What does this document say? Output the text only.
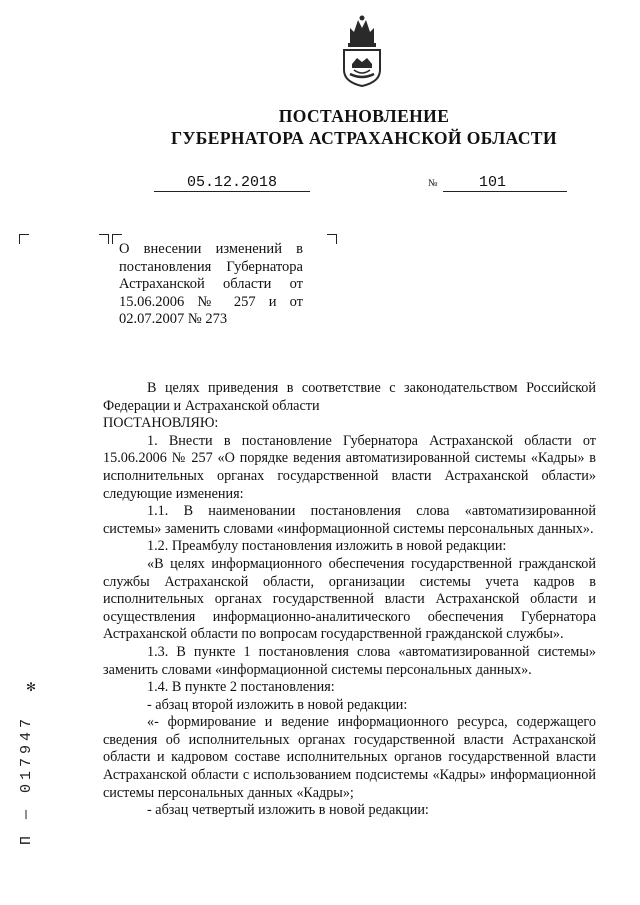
ПОСТАНОВЛЕНИЕ
ГУБЕРНАТОРА АСТРАХАНСКОЙ ОБЛАСТИ
05.12.2018	№	101
О внесении изменений в
постановления Губернатора
Астраханской области от
15.06.2006 № 257 и от
02.07.2007 № 273

В целях приведения в соответствие с законодательством Российской Федерации и Астраханской области

ПОСТАНОВЛЯЮ:

1. Внести в постановление Губернатора Астраханской области от 15.06.2006 № 257 «О порядке ведения автоматизированной системы «Кадры» в исполнительных органах государственной власти Астраханской области» следующие изменения:

1.1. В наименовании постановления слова «автоматизированной системы» заменить словами «информационной системы персональных данных».

1.2. Преамбулу постановления изложить в новой редакции:

«В целях информационного обеспечения государственной гражданской службы Астраханской области, организации системы учета кадров в исполнительных органах государственной власти Астраханской области и осуществления информационно-аналитического обеспечения Губернатора Астраханской области по вопросам государственной гражданской службы».

1.3. В пункте 1 постановления слова «автоматизированной системы» заменить словами «информационной системы персональных данных».

1.4. В пункте 2 постановления:

- абзац второй изложить в новой редакции:

«- формирование и ведение информационного ресурса, содержащего сведения об исполнительных органах государственной власти Астраханской области и кадровом составе исполнительных органов государственной власти Астраханской области с использованием подсистемы «Кадры» информационной системы персональных данных «Кадры»;

- абзац четвертый изложить в новой редакции:

✻
П — 017947
